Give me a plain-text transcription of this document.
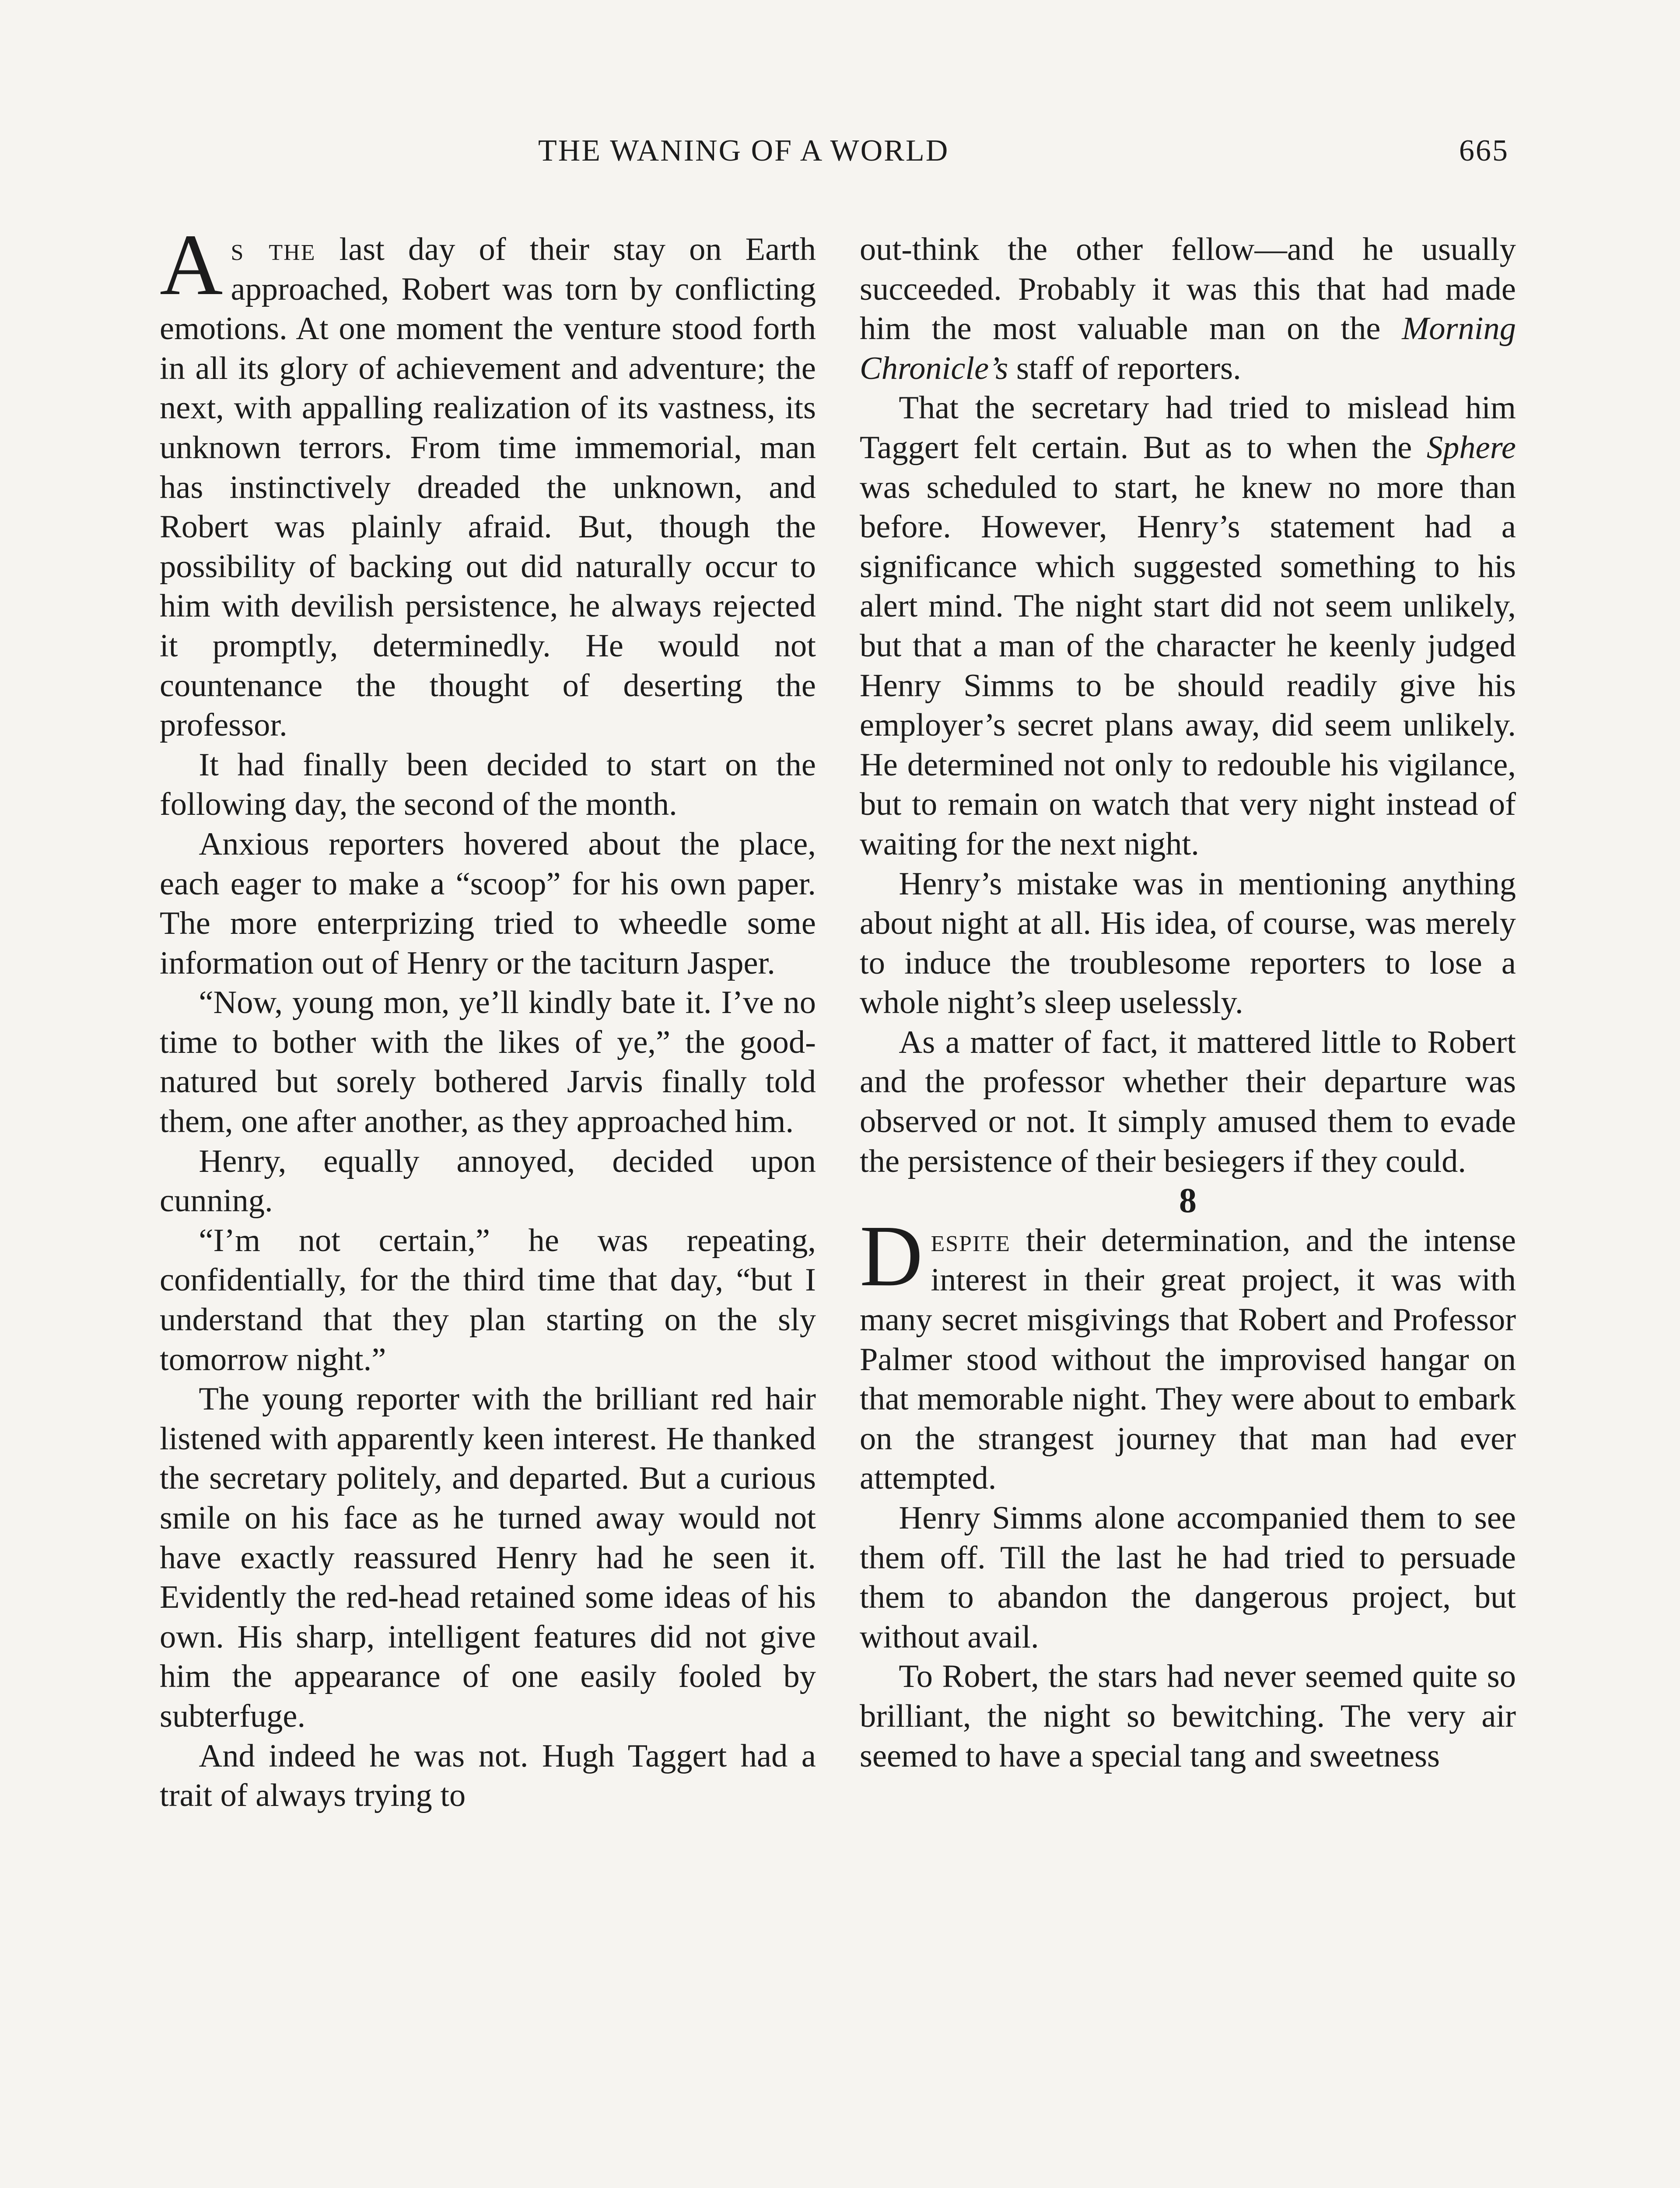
THE WANING OF A WORLD	665

As the last day of their stay on Earth approached, Robert was torn by conflicting emotions. At one moment the venture stood forth in all its glory of achievement and adventure; the next, with appalling realization of its vastness, its unknown terrors. From time immemorial, man has instinctively dreaded the unknown, and Robert was plainly afraid. But, though the possibility of backing out did naturally occur to him with devilish persistence, he always rejected it promptly, determinedly. He would not countenance the thought of deserting the professor.

It had finally been decided to start on the following day, the second of the month.

Anxious reporters hovered about the place, each eager to make a “scoop” for his own paper. The more enterprizing tried to wheedle some information out of Henry or the taciturn Jasper.

“Now, young mon, ye’ll kindly bate it. I’ve no time to bother with the likes of ye,” the good-natured but sorely bothered Jarvis finally told them, one after another, as they approached him.

Henry, equally annoyed, decided upon cunning.

“I’m not certain,” he was repeating, confidentially, for the third time that day, “but I understand that they plan starting on the sly tomorrow night.”

The young reporter with the brilliant red hair listened with apparently keen interest. He thanked the secretary politely, and departed. But a curious smile on his face as he turned away would not have exactly reassured Henry had he seen it. Evidently the red-head retained some ideas of his own. His sharp, intelligent features did not give him the appearance of one easily fooled by subterfuge.

And indeed he was not. Hugh Taggert had a trait of always trying to

out-think the other fellow—and he usually succeeded. Probably it was this that had made him the most valuable man on the Morning Chronicle’s staff of reporters.

That the secretary had tried to mislead him Taggert felt certain. But as to when the Sphere was scheduled to start, he knew no more than before. However, Henry’s statement had a significance which suggested something to his alert mind. The night start did not seem unlikely, but that a man of the character he keenly judged Henry Simms to be should readily give his employer’s secret plans away, did seem unlikely. He determined not only to redouble his vigilance, but to remain on watch that very night instead of waiting for the next night.

Henry’s mistake was in mentioning anything about night at all. His idea, of course, was merely to induce the troublesome reporters to lose a whole night’s sleep uselessly.

As a matter of fact, it mattered little to Robert and the professor whether their departure was observed or not. It simply amused them to evade the persistence of their besiegers if they could.

8

Despite their determination, and the intense interest in their great project, it was with many secret misgivings that Robert and Professor Palmer stood without the improvised hangar on that memorable night. They were about to embark on the strangest journey that man had ever attempted.

Henry Simms alone accompanied them to see them off. Till the last he had tried to persuade them to abandon the dangerous project, but without avail.

To Robert, the stars had never seemed quite so brilliant, the night so bewitching. The very air seemed to have a special tang and sweetness
